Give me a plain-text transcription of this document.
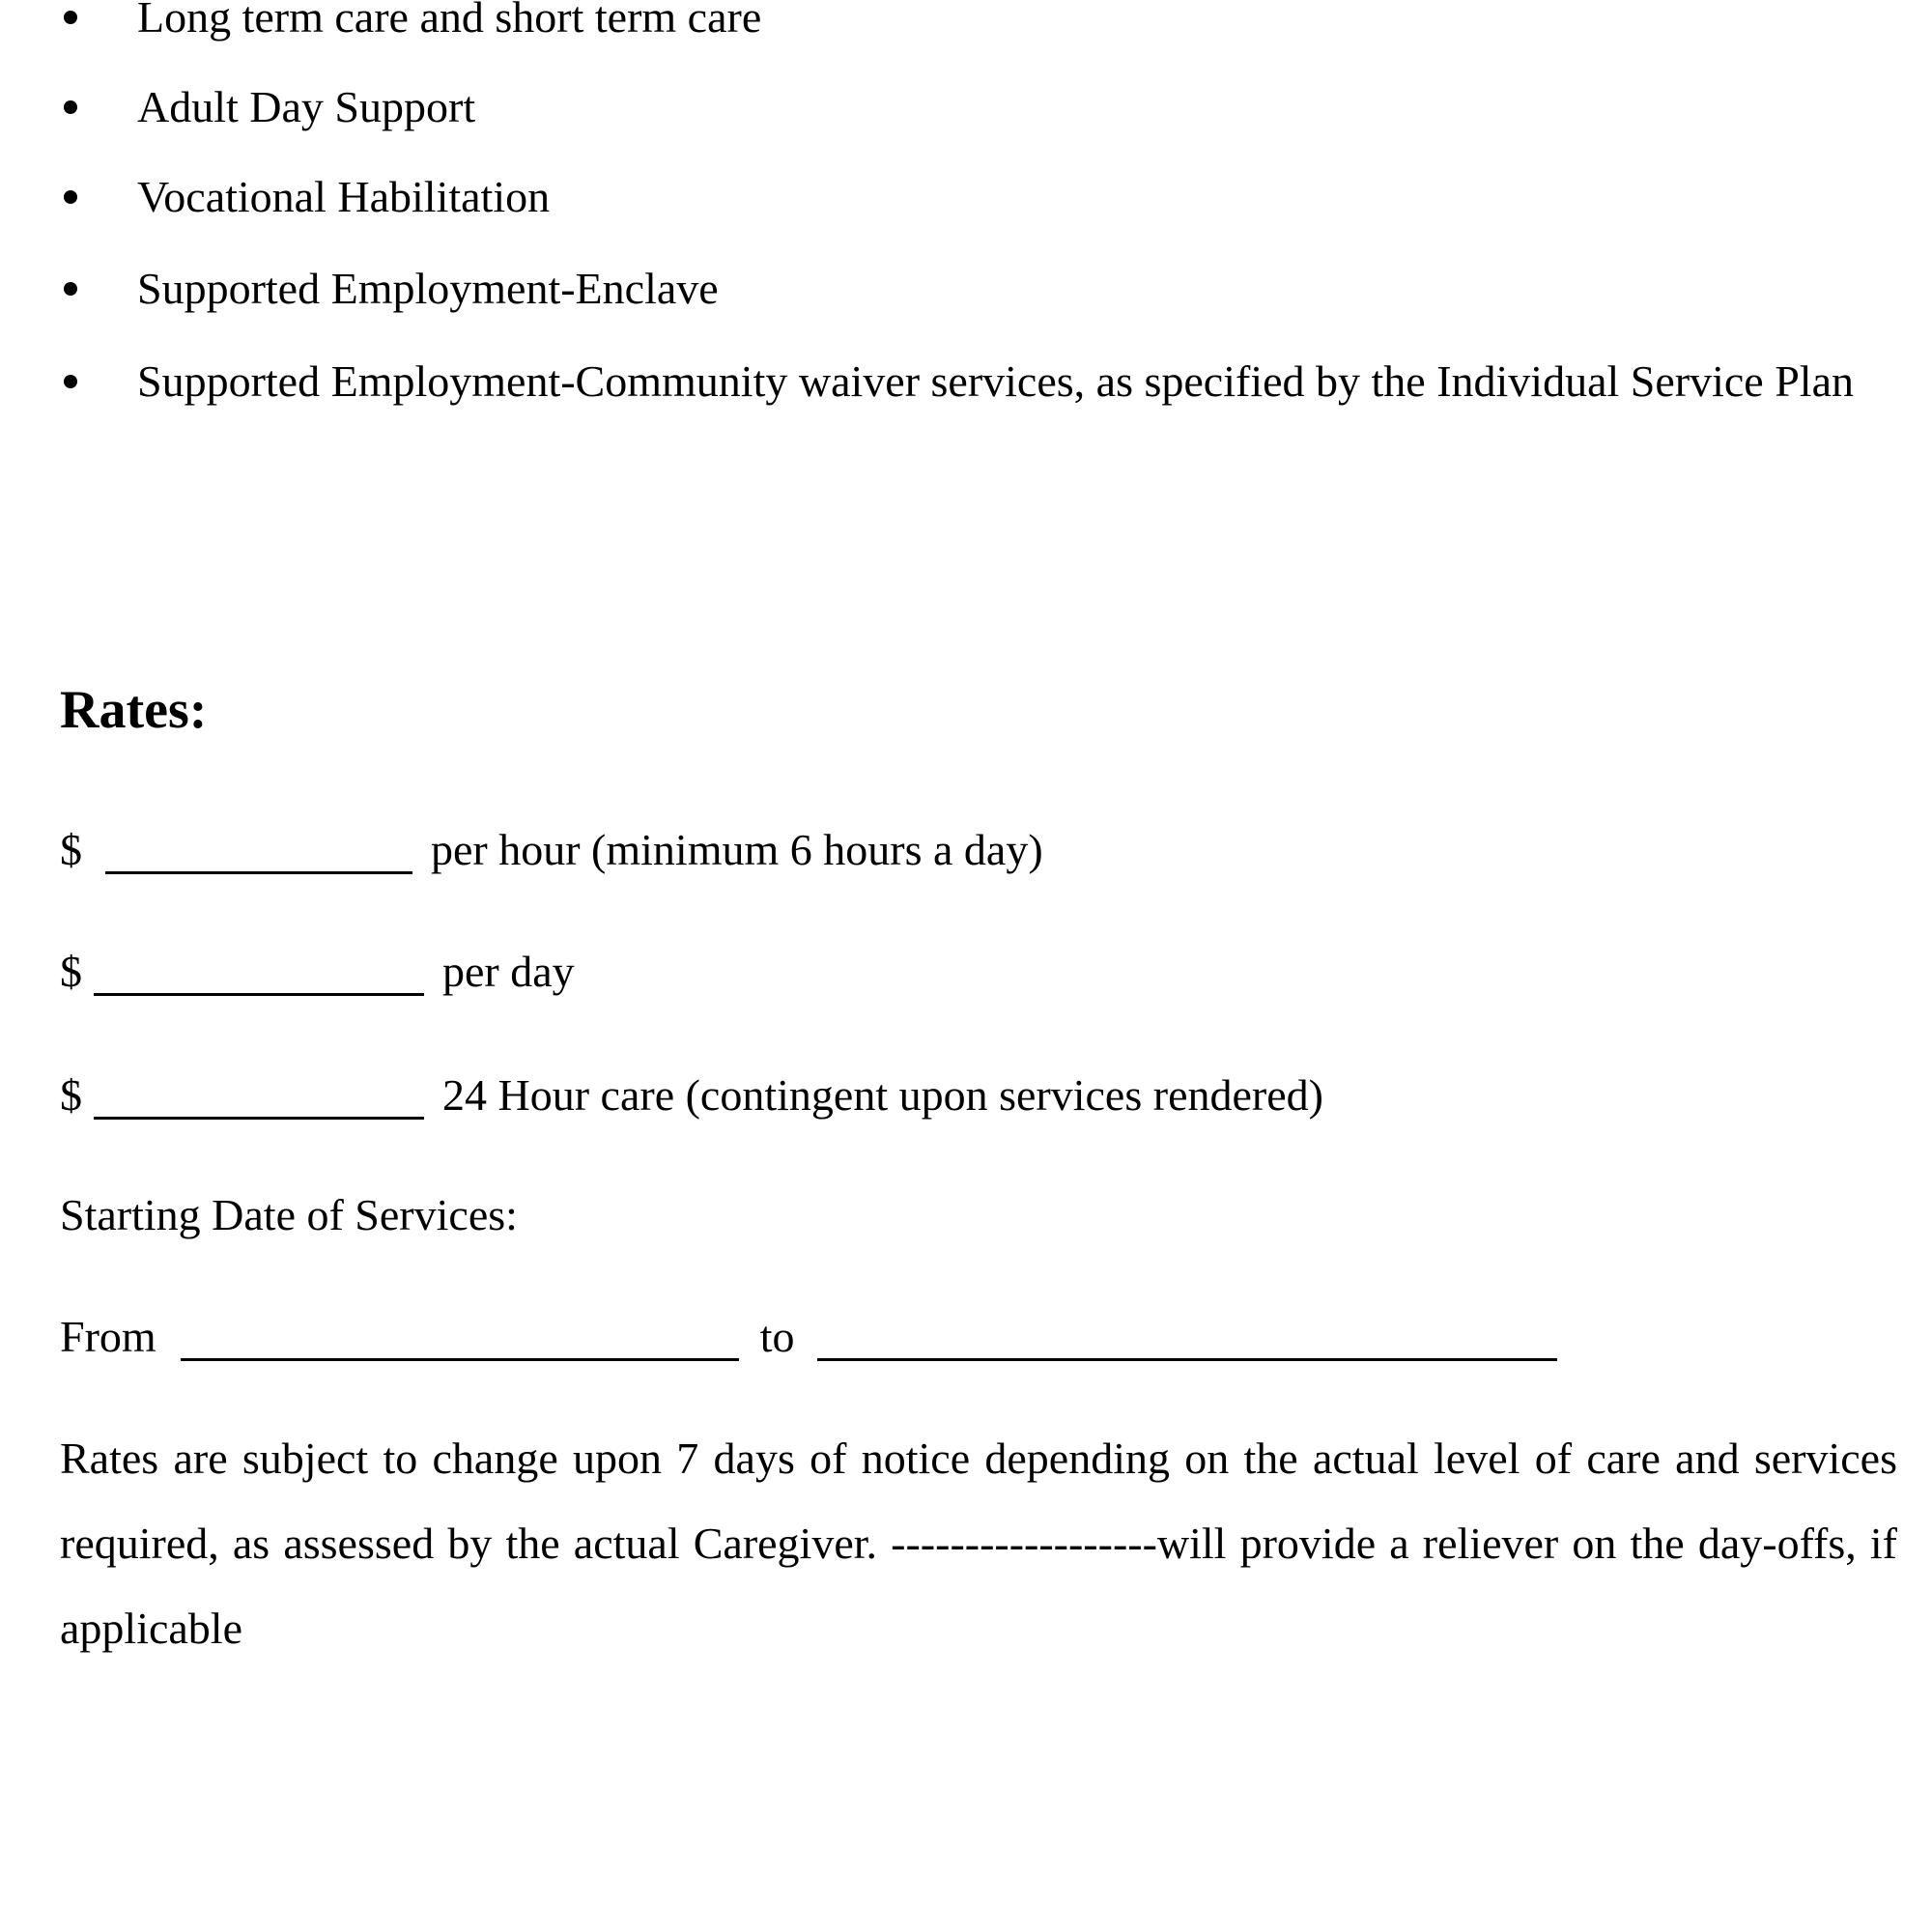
Long term care and short term care
Adult Day Support
Vocational Habilitation
Supported Employment-Enclave
Supported Employment-Community waiver services, as specified by the Individual Service Plan
Rates:
$	per hour (minimum 6 hours a day)
$	per day
$	24 Hour care (contingent upon services rendered)
Starting Date of Services:
From	to

Rates are subject to change upon 7 days of notice depending on the actual level of care and services required, as assessed by the actual Caregiver. ------------------will provide a reliever on the day-offs, if applicable
